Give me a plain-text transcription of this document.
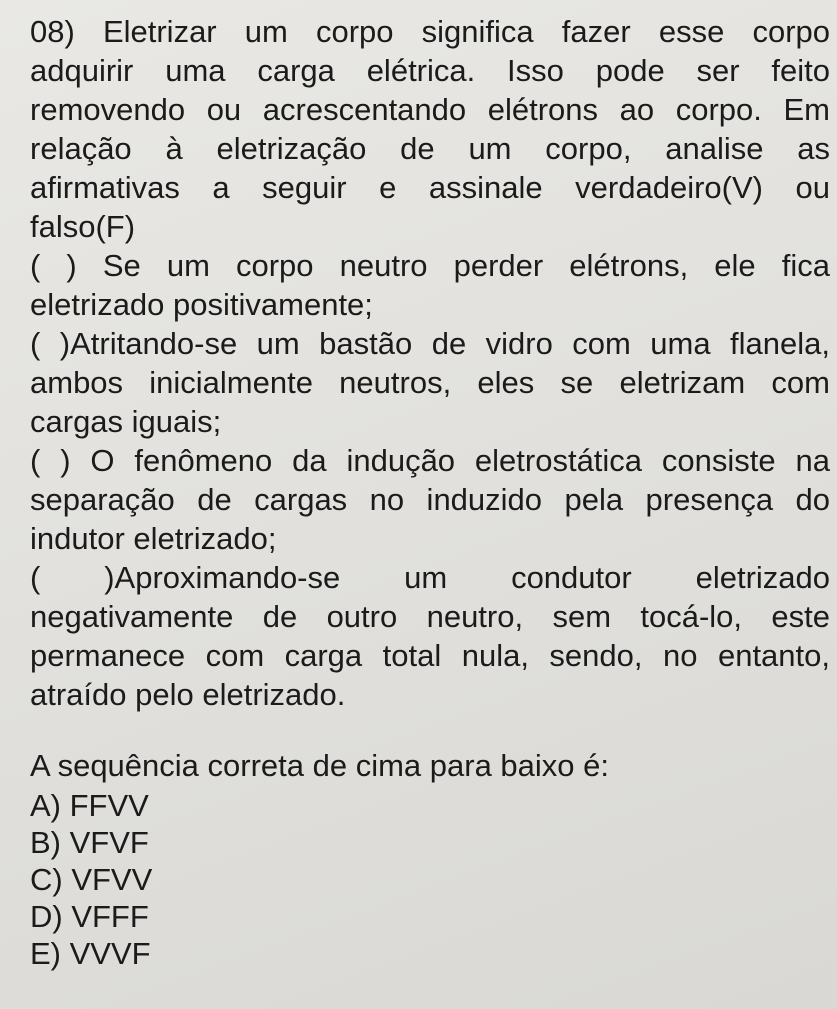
08) Eletrizar um corpo significa fazer esse corpo
adquirir uma carga elétrica. Isso pode ser feito
removendo ou acrescentando elétrons ao corpo. Em
relação à eletrização de um corpo, analise as
afirmativas a seguir e assinale verdadeiro(V) ou
falso(F)

( ) Se um corpo neutro perder elétrons, ele fica
eletrizado positivamente;

( )Atritando-se um bastão de vidro com uma flanela,
ambos inicialmente neutros, eles se eletrizam com
cargas iguais;

( ) O fenômeno da indução eletrostática consiste na
separação de cargas no induzido pela presença do
indutor eletrizado;

( )Aproximando-se um condutor eletrizado
negativamente de outro neutro, sem tocá-lo, este
permanece com carga total nula, sendo, no entanto,
atraído pelo eletrizado.

A sequência correta de cima para baixo é:

A) FFVV
B) VFVF
C) VFVV
D) VFFF
E) VVVF
